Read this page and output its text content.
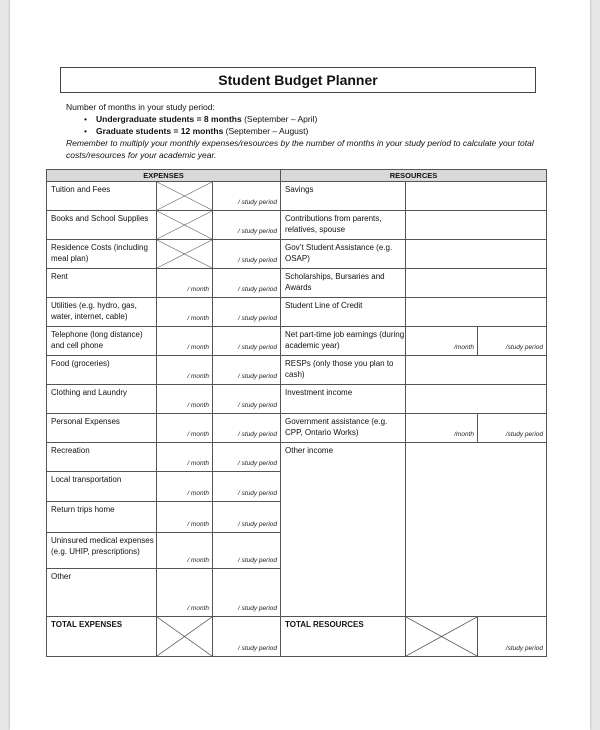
Student Budget Planner
Number of months in your study period:
• Undergraduate students = 8 months (September – April)
• Graduate students = 12 months (September – August)
Remember to multiply your monthly expenses/resources by the number of months in your study period to calculate your total costs/resources for your academic year.
EXPENSES			RESOURCES		

Tuition and Fees		/ study period	Savings		

Books and School Supplies		/ study period	Contributions from parents, relatives, spouse		

Residence Costs (including meal plan)		/ study period	Gov’t Student Assistance (e.g. OSAP)		

Rent	/ month	/ study period	Scholarships, Bursaries and Awards		

Utilities (e.g. hydro, gas, water, internet, cable)	/ month	/ study period	Student Line of Credit		

Telephone (long distance) and cell phone	/ month	/ study period	Net part-time job earnings (during academic year)	/month	/study period

Food (groceries)	/ month	/ study period	RESPs (only those you plan to cash)		

Clothing and Laundry	/ month	/ study period	Investment income		

Personal Expenses	/ month	/ study period	Government assistance (e.g. CPP, Ontario Works)	/month	/study period

Recreation	/ month	/ study period	Other income		

Local transportation	/ month	/ study period			

Return trips home	/ month	/ study period			

Uninsured medical expenses (e.g. UHIP, prescriptions)	/ month	/ study period			

Other	/ month	/ study period			

TOTAL EXPENSES		/ study period	TOTAL RESOURCES		/study period
